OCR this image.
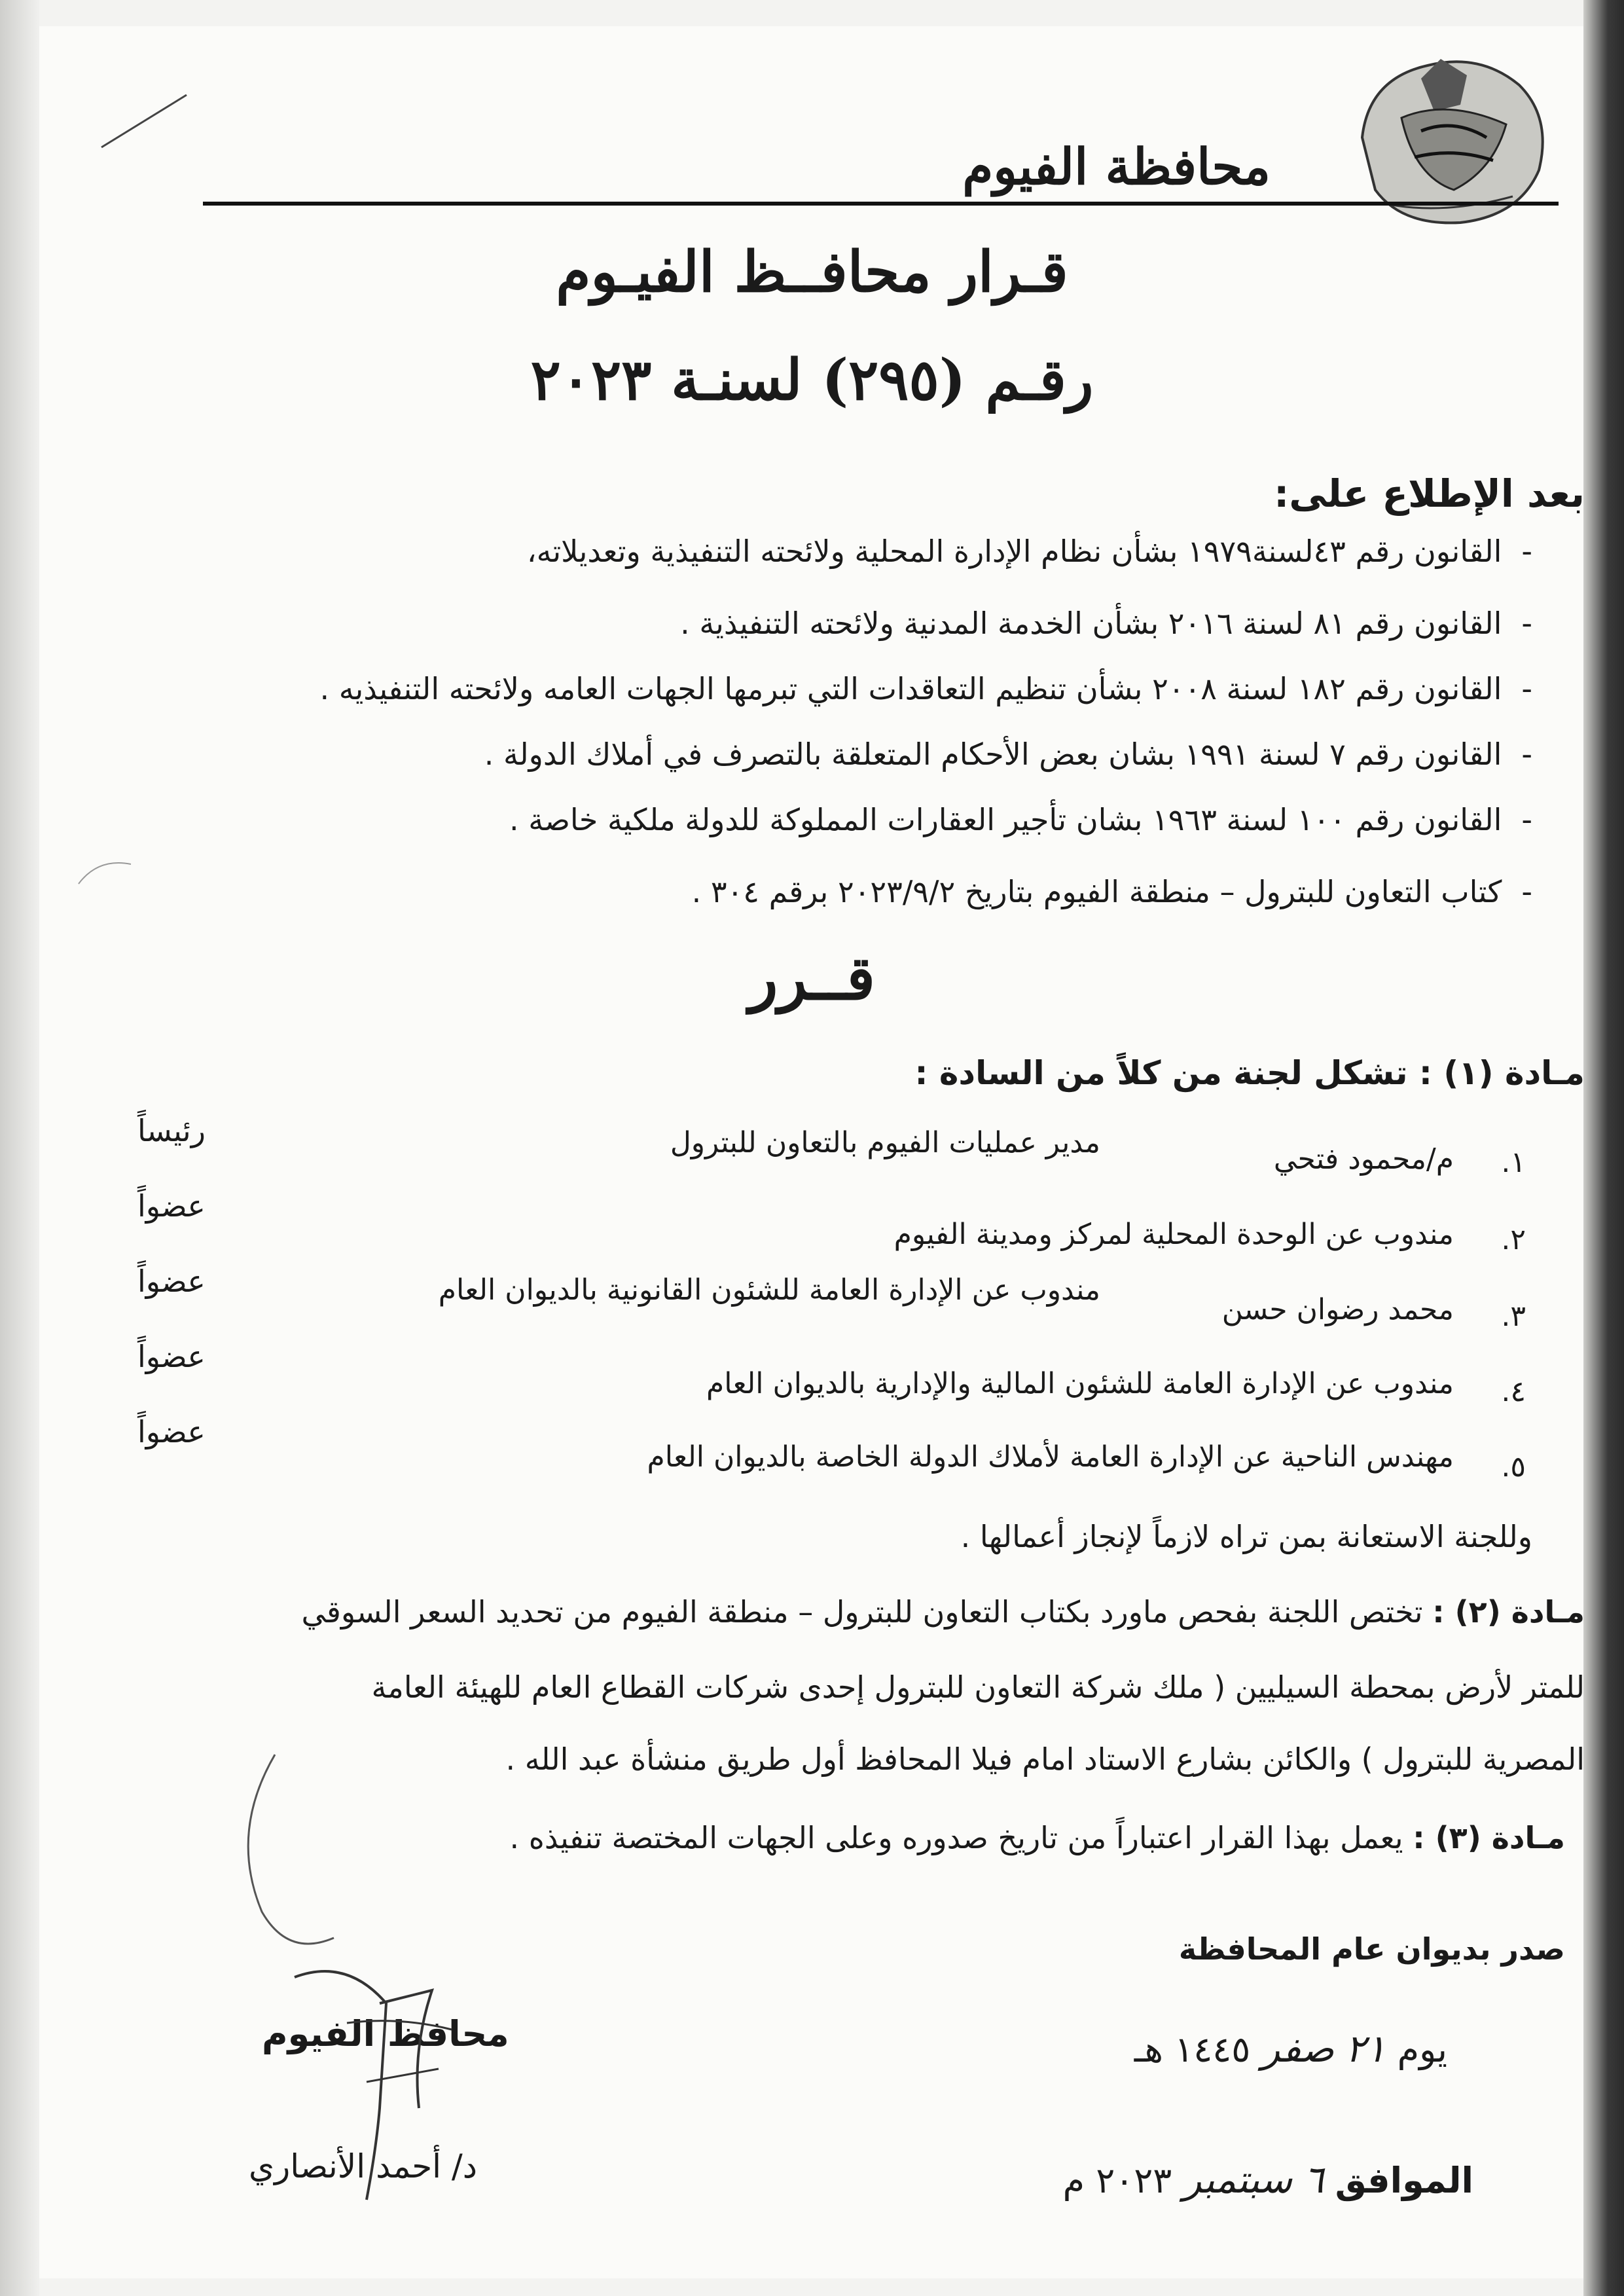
محافظة الفيوم
قـرار محافــظ الفيـوم
رقـم (٢٩٥) لسنـة ٢٠٢٣
بعد الإطلاع على:
-القانون رقم ٤٣لسنة١٩٧٩ بشأن نظام الإدارة المحلية ولائحته التنفيذية وتعديلاته،
-القانون رقم ٨١ لسنة ٢٠١٦ بشأن الخدمة المدنية ولائحته التنفيذية .
-القانون رقم ١٨٢ لسنة ٢٠٠٨ بشأن تنظيم التعاقدات التي تبرمها الجهات العامه ولائحته التنفيذيه .
-القانون رقم ٧ لسنة ١٩٩١ بشان بعض الأحكام المتعلقة بالتصرف في أملاك الدولة .
-القانون رقم ١٠٠ لسنة ١٩٦٣ بشان تأجير العقارات المملوكة للدولة ملكية خاصة .
-كتاب التعاون للبترول – منطقة الفيوم بتاريخ ٢٠٢٣/٩/٢ برقم ٣٠٤ .
قــرر
مـادة (١) : تشكل لجنة من كلاً من السادة :
١.
م/محمود فتحي
مدير عمليات الفيوم بالتعاون للبترول
رئيساً
٢.
مندوب عن الوحدة المحلية لمركز ومدينة الفيوم
عضواً
٣.
محمد رضوان حسن
مندوب عن الإدارة العامة للشئون القانونية بالديوان العام
عضواً
٤.
مندوب عن الإدارة العامة للشئون المالية والإدارية بالديوان العام
عضواً
٥.
مهندس الناحية عن الإدارة العامة لأملاك الدولة الخاصة بالديوان العام
عضواً
وللجنة الاستعانة بمن تراه لازماً لإنجاز أعمالها .
مـادة (٢) : تختص اللجنة بفحص ماورد بكتاب التعاون للبترول – منطقة الفيوم من تحديد السعر السوقي
للمتر لأرض بمحطة السيليين ( ملك شركة التعاون للبترول إحدى شركات القطاع العام للهيئة العامة
المصرية للبترول ) والكائن بشارع الاستاد امام فيلا المحافظ أول طريق منشأة عبد الله .
مـادة (٣) : يعمل بهذا القرار اعتباراً من تاريخ صدوره وعلى الجهات المختصة تنفيذه .
صدر بديوان عام المحافظة
يوم ٢١ صفر ١٤٤٥ هـ
الموافق ٦ سبتمبر ٢٠٢٣ م
محافظ الفيوم
د/ أحمد الأنصاري
